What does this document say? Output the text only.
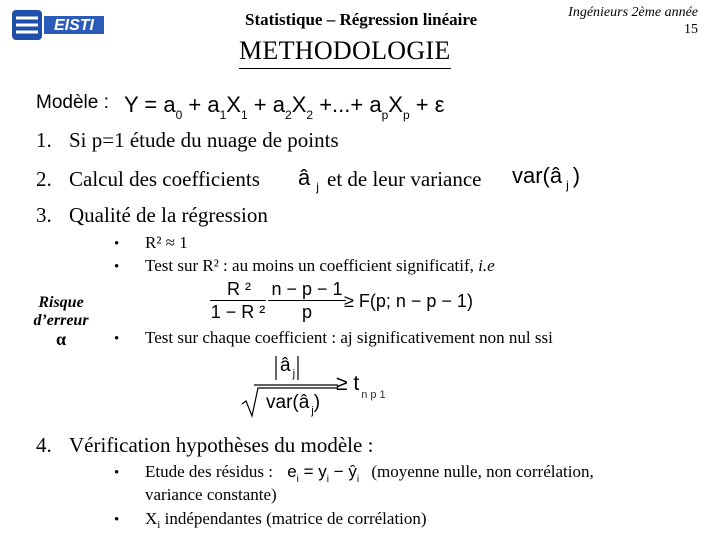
EISTI	Statistique – Régression linéaire	Ingénieurs 2ème année
15
METHODOLOGIE
Modèle : $Y = a_0 + a_1X_1 + a_2X_2$ +...+ $a_pX_p + \varepsilon$
1. Si p=1 étude du nuage de points
2. Calcul des coefficients â $_j$ et de leur variance var(â $_j$ )
3. Qualité de la régression
• R² ≈ 1
• Test sur R² : au moins un coefficient significatif, i.e
R ²
1 − R ²
n − p − 1
p
≥ F(p; n − p − 1)
Risque
d’erreur
α	• Test sur chaque coefficient : aj significativement non nul ssi
â $_j$
var(â $_j$)
≥ t $_{n p 1}$
4. Vérification hypothèses du modèle :
• Etude des résidus : $e_i = y_i$ − $ŷ_i$ (moyenne nulle, non corrélation,
variance constante)
• $X_i$ indépendantes (matrice de corrélation)
